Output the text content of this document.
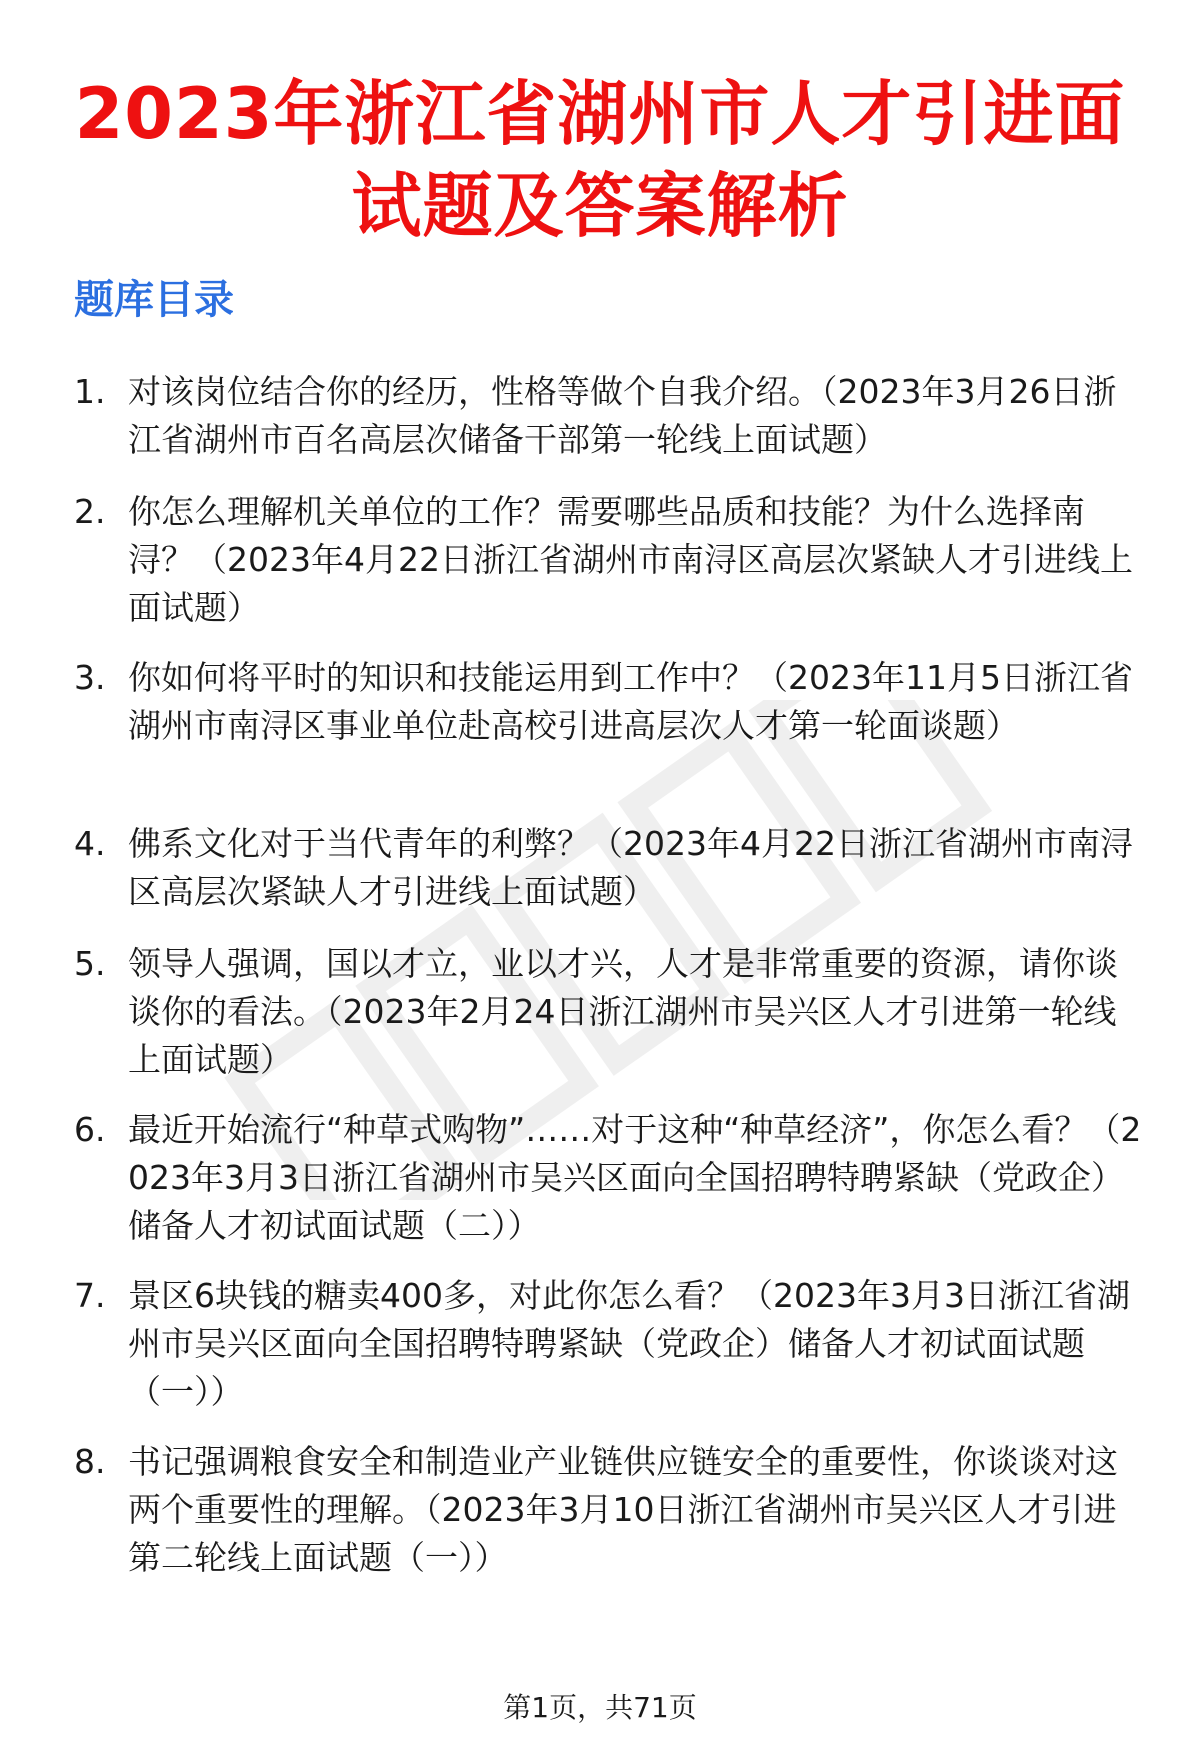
2023年浙江省湖州市人才引进面试题及答案解析
题库目录
1. 对该岗位结合你的经历，性格等做个自我介绍。（2023年3月26日浙江省湖州市百名高层次储备干部第一轮线上面试题）
2. 你怎么理解机关单位的工作？需要哪些品质和技能？为什么选择南浔？（2023年4月22日浙江省湖州市南浔区高层次紧缺人才引进线上面试题）
3. 你如何将平时的知识和技能运用到工作中？（2023年11月5日浙江省湖州市南浔区事业单位赴高校引进高层次人才第一轮面谈题）
4. 佛系文化对于当代青年的利弊？（2023年4月22日浙江省湖州市南浔区高层次紧缺人才引进线上面试题）
5. 领导人强调，国以才立，业以才兴，人才是非常重要的资源，请你谈谈你的看法。（2023年2月24日浙江湖州市吴兴区人才引进第一轮线上面试题）
6. 最近开始流行“种草式购物”……对于这种“种草经济”，你怎么看？（2023年3月3日浙江省湖州市吴兴区面向全国招聘特聘紧缺（党政企）储备人才初试面试题（二））
7. 景区6块钱的糖卖400多，对此你怎么看？（2023年3月3日浙江省湖州市吴兴区面向全国招聘特聘紧缺（党政企）储备人才初试面试题（一））
8. 书记强调粮食安全和制造业产业链供应链安全的重要性，你谈谈对这两个重要性的理解。（2023年3月10日浙江省湖州市吴兴区人才引进第二轮线上面试题（一））
第1页，共71页
